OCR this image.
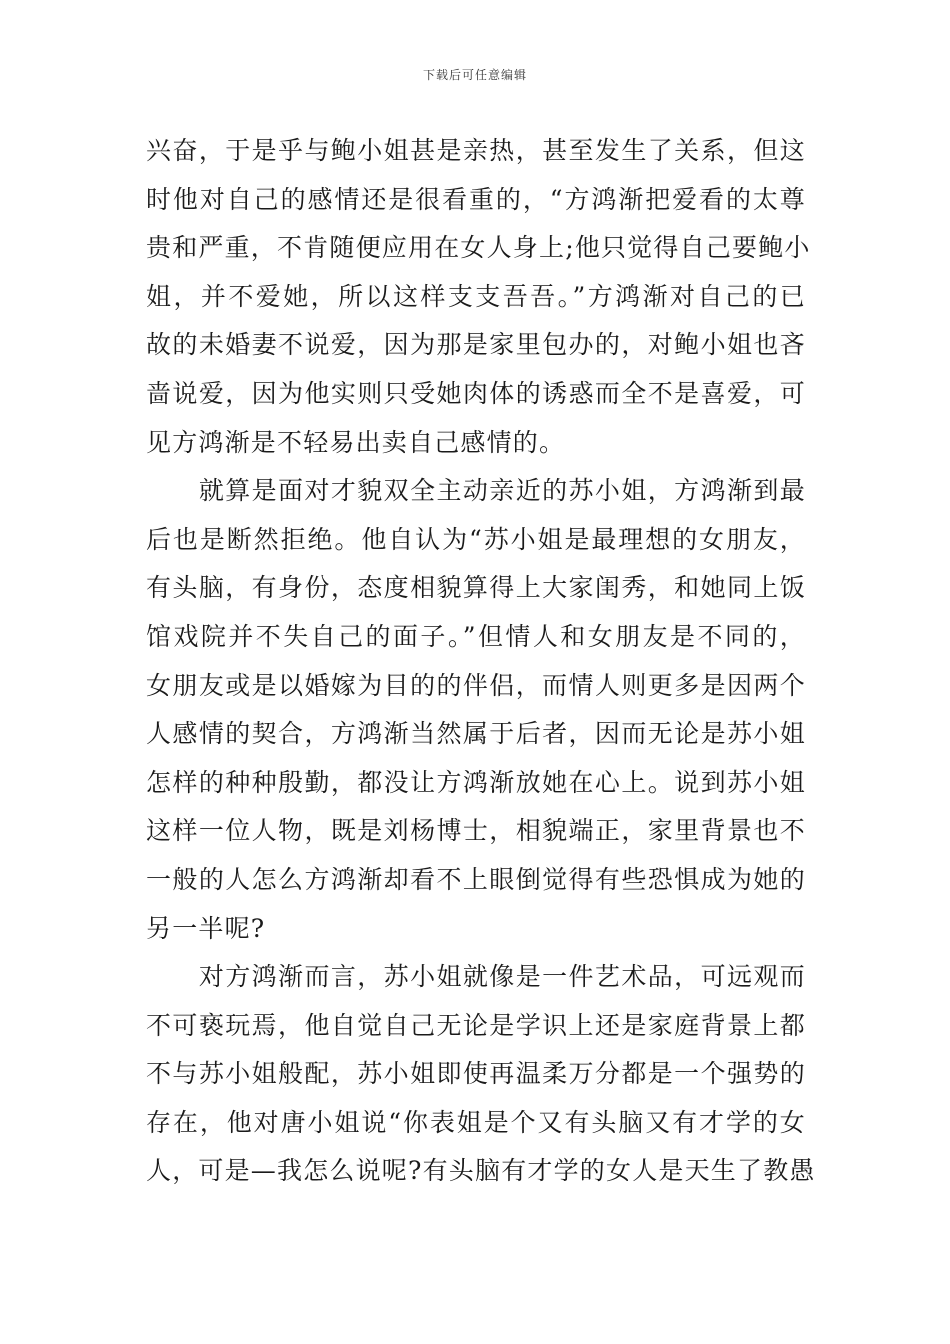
下载后可任意编辑
兴奋，于是乎与鲍小姐甚是亲热，甚至发生了关系，但这
时他对自己的感情还是很看重的，“方鸿渐把爱看的太尊
贵和严重，不肯随便应用在女人身上;他只觉得自己要鲍小
姐，并不爱她，所以这样支支吾吾。”方鸿渐对自己的已
故的未婚妻不说爱，因为那是家里包办的，对鲍小姐也吝
啬说爱，因为他实则只受她肉体的诱惑而全不是喜爱，可
见方鸿渐是不轻易出卖自己感情的。
　　就算是面对才貌双全主动亲近的苏小姐，方鸿渐到最
后也是断然拒绝。他自认为“苏小姐是最理想的女朋友，
有头脑，有身份，态度相貌算得上大家闺秀，和她同上饭
馆戏院并不失自己的面子。”但情人和女朋友是不同的，
女朋友或是以婚嫁为目的的伴侣，而情人则更多是因两个
人感情的契合，方鸿渐当然属于后者，因而无论是苏小姐
怎样的种种殷勤，都没让方鸿渐放她在心上。说到苏小姐
这样一位人物，既是刘杨博士，相貌端正，家里背景也不
一般的人怎么方鸿渐却看不上眼倒觉得有些恐惧成为她的
另一半呢?
　　对方鸿渐而言，苏小姐就像是一件艺术品，可远观而
不可亵玩焉，他自觉自己无论是学识上还是家庭背景上都
不与苏小姐般配，苏小姐即使再温柔万分都是一个强势的
存在，他对唐小姐说“你表姐是个又有头脑又有才学的女
人，可是—我怎么说呢?有头脑有才学的女人是天生了教愚
